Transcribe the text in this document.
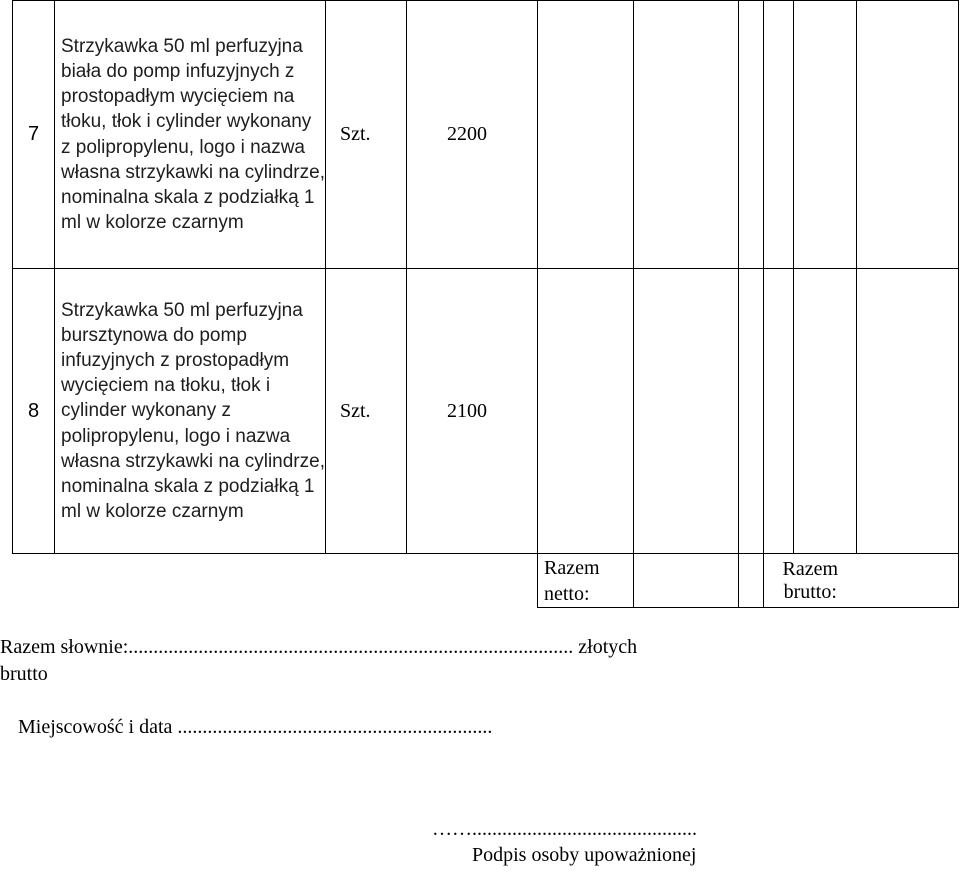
7	Strzykawka 50 ml perfuzyjna biała do pomp infuzyjnych z prostopadłym wycięciem na tłoku, tłok i cylinder wykonany z polipropylenu, logo i nazwa własna strzykawki na cylindrze, nominalna skala z podziałką 1 ml w kolorze czarnym	Szt.	2200						
8	Strzykawka 50 ml perfuzyjna bursztynowa do pomp infuzyjnych z prostopadłym wycięciem na tłoku, tłok i cylinder wykonany z polipropylenu, logo i nazwa własna strzykawki na cylindrze, nominalna skala z podziałką 1 ml w kolorze czarnym	Szt.	2100						
				Razem netto:			Razem brutto:		
Razem słownie:......................................................................................... złotych
brutto
Miejscowość i data ...............................................................
…….............................................
Podpis osoby upoważnionej
